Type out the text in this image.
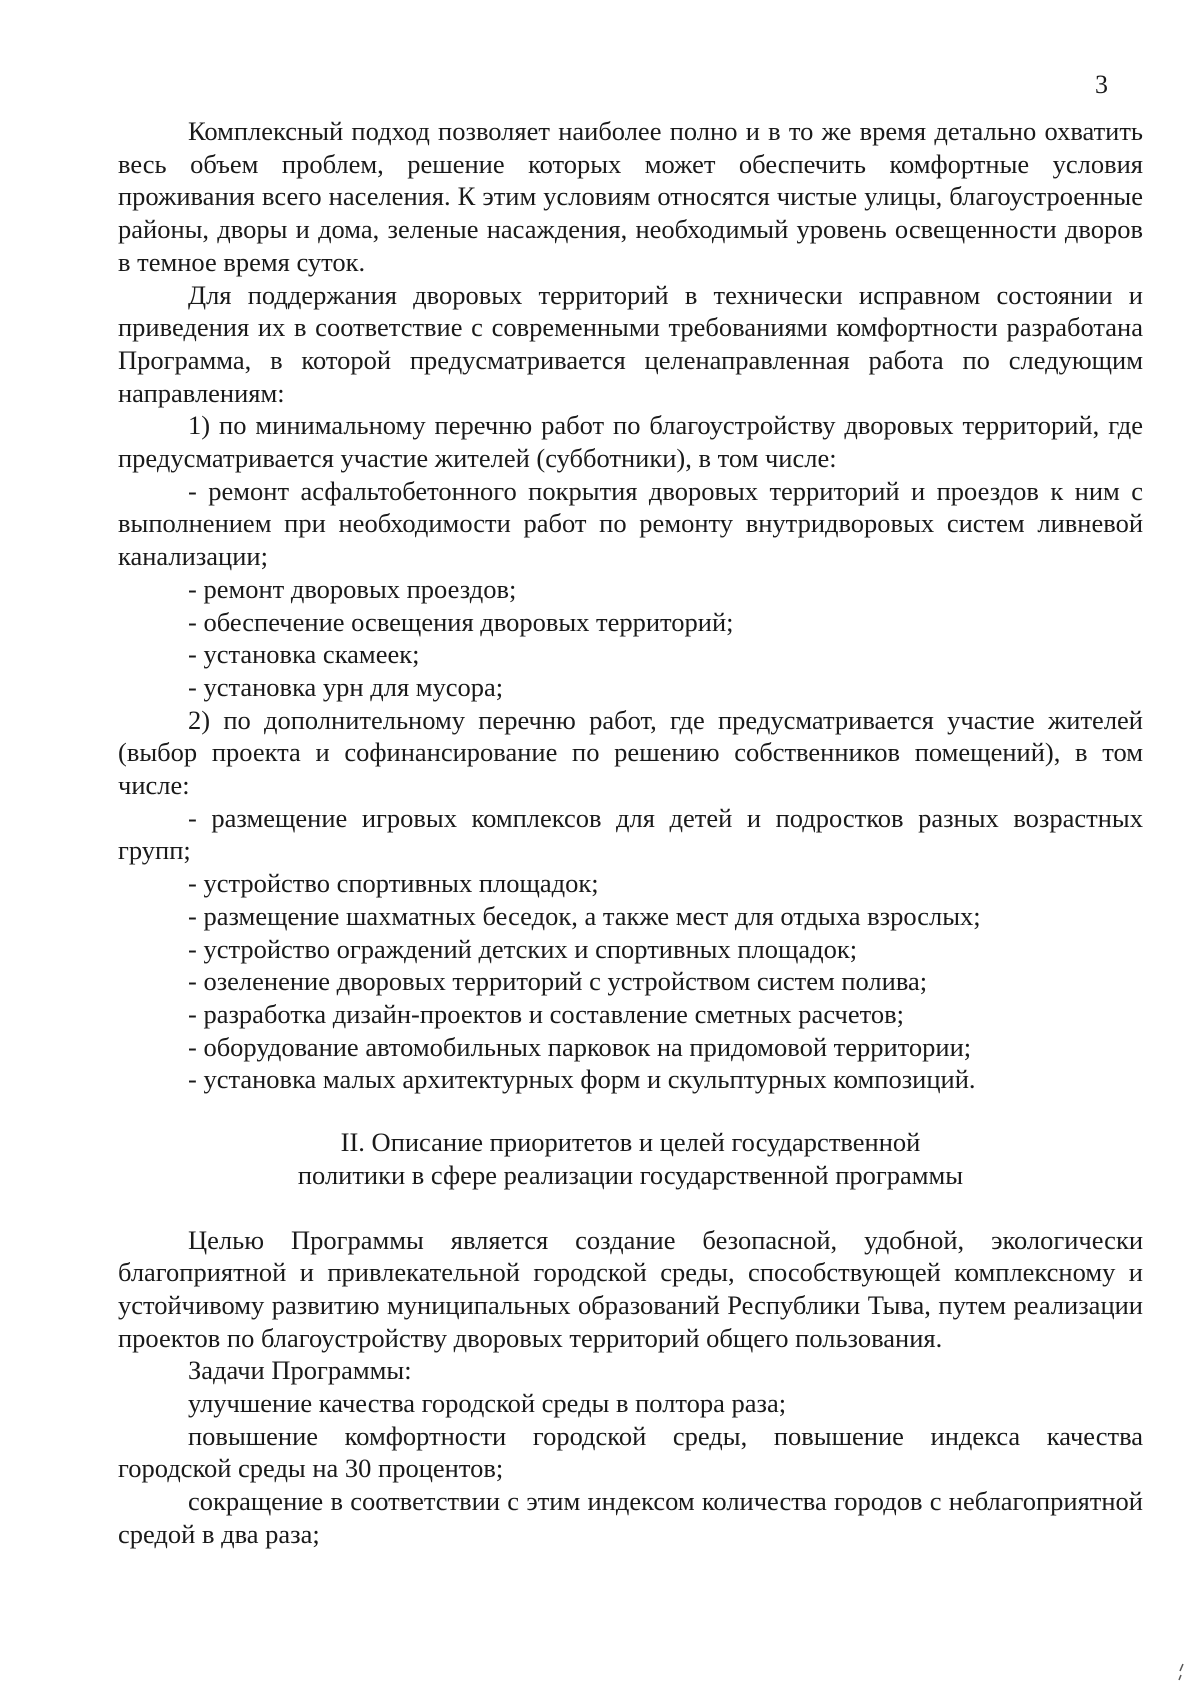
3

Комплексный подход позволяет наиболее полно и в то же время детально охватить весь объем проблем, решение которых может обеспечить комфортные условия проживания всего населения. К этим условиям относятся чистые улицы, благоустроенные районы, дворы и дома, зеленые насаждения, необходимый уровень освещенности дворов в темное время суток.

Для поддержания дворовых территорий в технически исправном состоянии и приведения их в соответствие с современными требованиями комфортности разработана Программа, в которой предусматривается целенаправленная работа по следующим направлениям:

1) по минимальному перечню работ по благоустройству дворовых территорий, где предусматривается участие жителей (субботники), в том числе:

- ремонт асфальтобетонного покрытия дворовых территорий и проездов к ним с выполнением при необходимости работ по ремонту внутридворовых систем ливневой канализации;

- ремонт дворовых проездов;

- обеспечение освещения дворовых территорий;

- установка скамеек;

- установка урн для мусора;

2) по дополнительному перечню работ, где предусматривается участие жителей (выбор проекта и софинансирование по решению собственников помещений), в том числе:

- размещение игровых комплексов для детей и подростков разных возрастных групп;

- устройство спортивных площадок;

- размещение шахматных беседок, а также мест для отдыха взрослых;

- устройство ограждений детских и спортивных площадок;

- озеленение дворовых территорий с устройством систем полива;

- разработка дизайн-проектов и составление сметных расчетов;

- оборудование автомобильных парковок на придомовой территории;

- установка малых архитектурных форм и скульптурных композиций.

II. Описание приоритетов и целей государственной
политики в сфере реализации государственной программы

Целью Программы является создание безопасной, удобной, экологически благоприятной и привлекательной городской среды, способствующей комплексному и устойчивому развитию муниципальных образований Республики Тыва, путем реализации проектов по благоустройству дворовых территорий общего пользования.

Задачи Программы:

улучшение качества городской среды в полтора раза;

повышение комфортности городской среды, повышение индекса качества городской среды на 30 процентов;

сокращение в соответствии с этим индексом количества городов с неблагоприятной средой в два раза;
